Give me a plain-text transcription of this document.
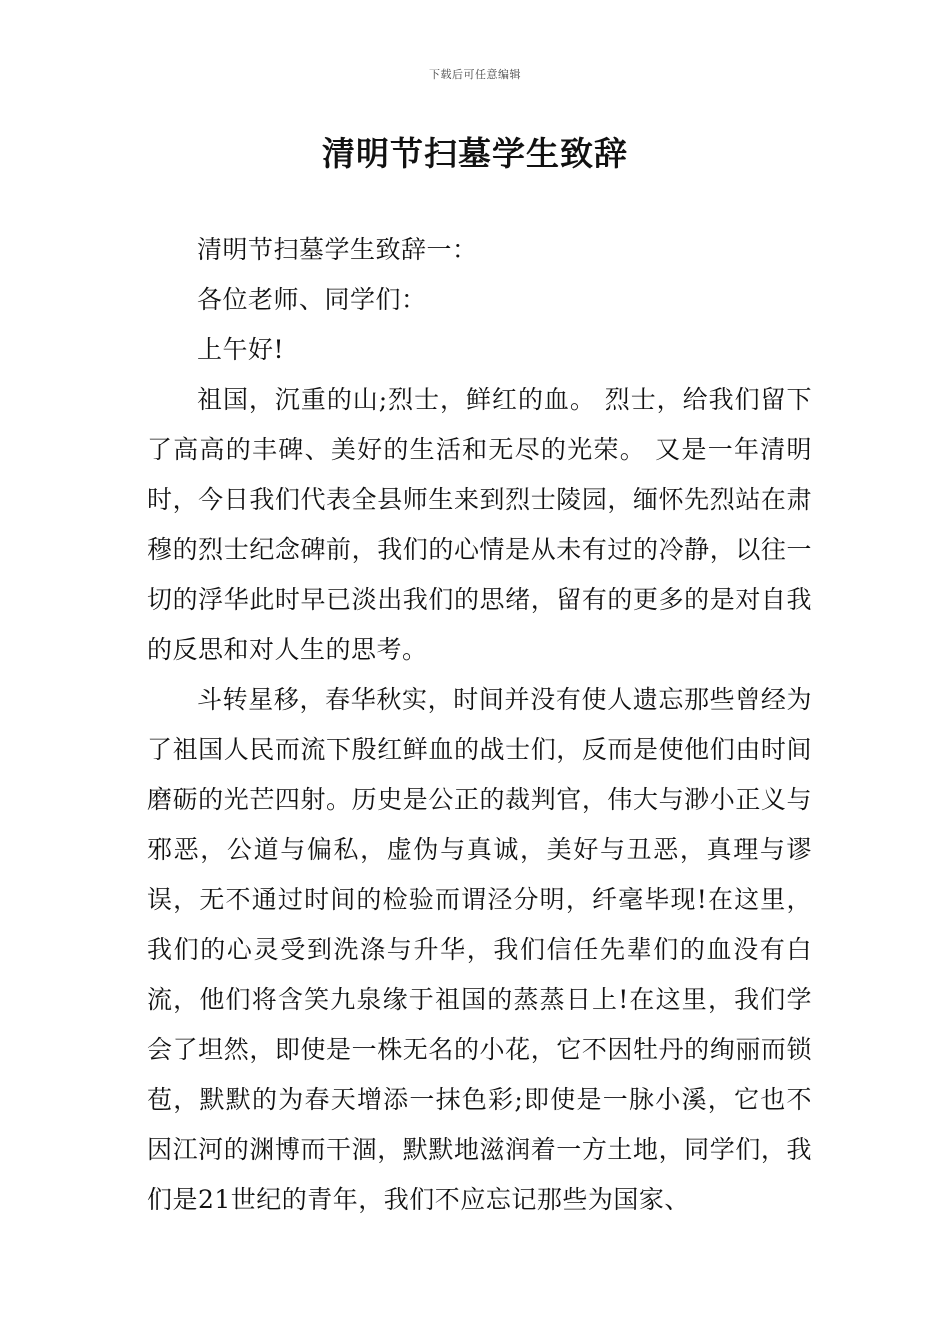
下载后可任意编辑
清明节扫墓学生致辞

清明节扫墓学生致辞一：

各位老师、同学们：

上午好!

祖国，沉重的山;烈士，鲜红的血。 烈士，给我们留下了高高的丰碑、美好的生活和无尽的光荣。 又是一年清明时，今日我们代表全县师生来到烈士陵园，缅怀先烈站在肃穆的烈士纪念碑前，我们的心情是从未有过的冷静，以往一切的浮华此时早已淡出我们的思绪，留有的更多的是对自我的反思和对人生的思考。

斗转星移，春华秋实，时间并没有使人遗忘那些曾经为了祖国人民而流下殷红鲜血的战士们，反而是使他们由时间磨砺的光芒四射。历史是公正的裁判官，伟大与渺小正义与邪恶，公道与偏私，虚伪与真诚，美好与丑恶，真理与谬误，无不通过时间的检验而谓泾分明，纤毫毕现!在这里，我们的心灵受到洗涤与升华，我们信任先辈们的血没有白流，他们将含笑九泉缘于祖国的蒸蒸日上!在这里，我们学会了坦然，即使是一株无名的小花，它不因牡丹的绚丽而锁苞，默默的为春天增添一抹色彩;即使是一脉小溪，它也不因江河的渊博而干涸，默默地滋润着一方土地，同学们，我们是21世纪的青年，我们不应忘记那些为国家、
